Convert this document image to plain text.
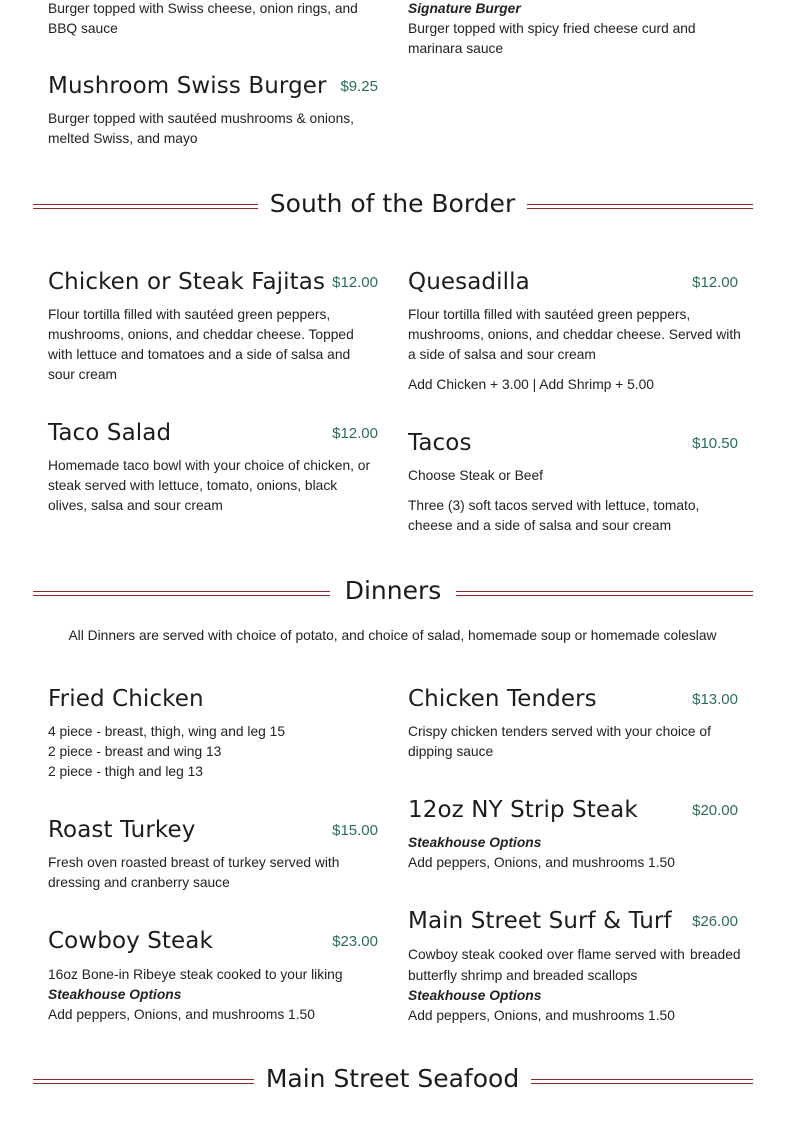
Burger topped with Swiss cheese, onion rings, and
BBQ sauce
Signature Burger
Burger topped with spicy fried cheese curd and
marinara sauce
Mushroom Swiss Burger $9.25
Burger topped with sautéed mushrooms & onions,
melted Swiss, and mayo
South of the Border
Chicken or Steak Fajitas $12.00
Flour tortilla filled with sautéed green peppers,
mushrooms, onions, and cheddar cheese. Topped
with lettuce and tomatoes and a side of salsa and
sour cream
Quesadilla	$12.00
Flour tortilla filled with sautéed green peppers,
mushrooms, onions, and cheddar cheese. Served with
a side of salsa and sour cream
Add Chicken + 3.00 | Add Shrimp + 5.00
Taco Salad	$12.00
Homemade taco bowl with your choice of chicken, or
steak served with lettuce, tomato, onions, black
olives, salsa and sour cream
Tacos	$10.50
Choose Steak or Beef
Three (3) soft tacos served with lettuce, tomato,
cheese and a side of salsa and sour cream
Dinners
All Dinners are served with choice of potato, and choice of salad, homemade soup or homemade coleslaw
Fried Chicken
4 piece - breast, thigh, wing and leg 15
2 piece - breast and wing 13
2 piece - thigh and leg 13
Chicken Tenders	$13.00
Crispy chicken tenders served with your choice of
dipping sauce
12oz NY Strip Steak	$20.00
Steakhouse Options
Add peppers, Onions, and mushrooms 1.50
Roast Turkey	$15.00
Fresh oven roasted breast of turkey served with
dressing and cranberry sauce
Main Street Surf & Turf	$26.00
Cowboy steak cooked over flame served with breaded butterfly shrimp and breaded scallops
Steakhouse Options
Add peppers, Onions, and mushrooms 1.50
Cowboy Steak	$23.00
16oz Bone-in Ribeye steak cooked to your liking
Steakhouse Options
Add peppers, Onions, and mushrooms 1.50
Main Street Seafood
